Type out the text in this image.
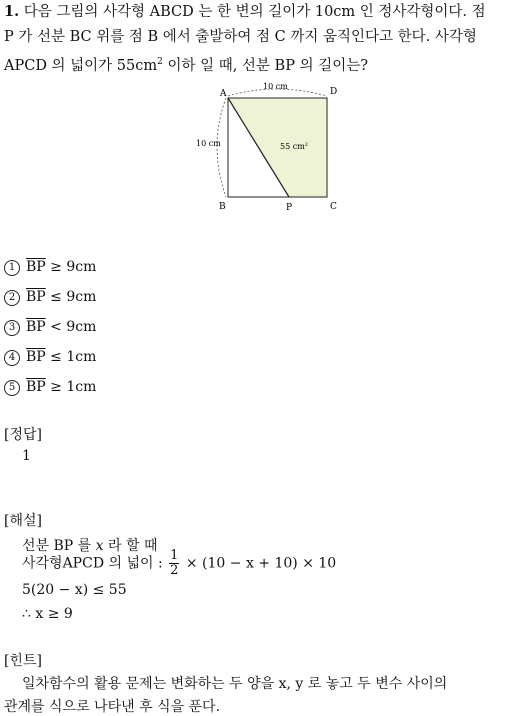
1. 다음 그림의 사각형 ABCD 는 한 변의 길이가 10cm 인 정사각형이다. 점
P 가 선분 BC 위를 점 B 에서 출발하여 점 C 까지 움직인다고 한다. 사각형
APCD 의 넓이가 $55cm^2$ 이하 일 때, 선분 BP 의 길이는?
A	D
B	C
P
10 cm
10 cm	55 $cm^2$
1 $\overline{BP} \ge 9cm$
2 $\overline{BP} \le 9cm$
3 $\overline{BP} < 9cm$
4 $\overline{BP} \le 1cm$
5 $\overline{BP} \ge 1cm$
[정답]
1
[해설]
선분 BP 를 x 라 할 때
사각형APCD 의 넓이 : $\frac{1}{2} \times (10 - x + 10) \times 10$
5(20 − x) ≤ 55
∴ x ≥ 9
[힌트]
일차함수의 활용 문제는 변화하는 두 양을 x, y 로 놓고 두 변수 사이의
관계를 식으로 나타낸 후 식을 푼다.
